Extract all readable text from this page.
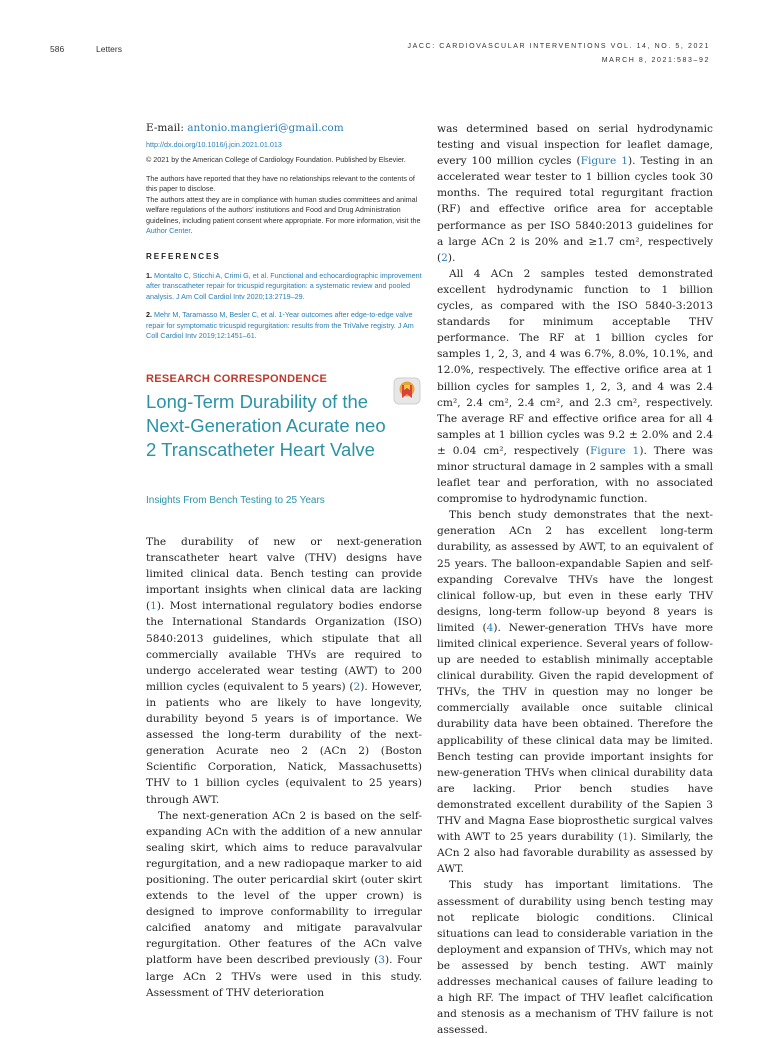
586	Letters	JACC: CARDIOVASCULAR INTERVENTIONS VOL. 14, NO. 5, 2021
MARCH 8, 2021:583–92
E-mail: antonio.mangieri@gmail.com
http://dx.doi.org/10.1016/j.jcin.2021.01.013
© 2021 by the American College of Cardiology Foundation. Published by Elsevier.
The authors have reported that they have no relationships relevant to the contents of this paper to disclose.
The authors attest they are in compliance with human studies committees and animal welfare regulations of the authors' institutions and Food and Drug Administration guidelines, including patient consent where appropriate. For more information, visit the Author Center.
REFERENCES
1. Montalto C, Sticchi A, Crimi G, et al. Functional and echocardiographic improvement after transcatheter repair for tricuspid regurgitation: a systematic review and pooled analysis. J Am Coll Cardiol Intv 2020;13:2719–29.
2. Mehr M, Taramasso M, Besler C, et al. 1-Year outcomes after edge-to-edge valve repair for symptomatic tricuspid regurgitation: results from the TriValve registry. J Am Coll Cardiol Intv 2019;12:1451–61.
RESEARCH CORRESPONDENCE
Long-Term Durability of the Next-Generation Acurate neo 2 Transcatheter Heart Valve
Insights From Bench Testing to 25 Years

The durability of new or next-generation transcatheter heart valve (THV) designs have limited clinical data. Bench testing can provide important insights when clinical data are lacking (1). Most international regulatory bodies endorse the International Standards Organization (ISO) 5840:2013 guidelines, which stipulate that all commercially available THVs are required to undergo accelerated wear testing (AWT) to 200 million cycles (equivalent to 5 years) (2). However, in patients who are likely to have longevity, durability beyond 5 years is of importance. We assessed the long-term durability of the next-generation Acurate neo 2 (ACn 2) (Boston Scientific Corporation, Natick, Massachusetts) THV to 1 billion cycles (equivalent to 25 years) through AWT.

The next-generation ACn 2 is based on the self-expanding ACn with the addition of a new annular sealing skirt, which aims to reduce paravalvular regurgitation, and a new radiopaque marker to aid positioning. The outer pericardial skirt (outer skirt extends to the level of the upper crown) is designed to improve conformability to irregular calcified anatomy and mitigate paravalvular regurgitation. Other features of the ACn valve platform have been described previously (3). Four large ACn 2 THVs were used in this study. Assessment of THV deterioration

was determined based on serial hydrodynamic testing and visual inspection for leaflet damage, every 100 million cycles (Figure 1). Testing in an accelerated wear tester to 1 billion cycles took 30 months. The required total regurgitant fraction (RF) and effective orifice area for acceptable performance as per ISO 5840:2013 guidelines for a large ACn 2 is 20% and ≥1.7 cm², respectively (2).

All 4 ACn 2 samples tested demonstrated excellent hydrodynamic function to 1 billion cycles, as compared with the ISO 5840-3:2013 standards for minimum acceptable THV performance. The RF at 1 billion cycles for samples 1, 2, 3, and 4 was 6.7%, 8.0%, 10.1%, and 12.0%, respectively. The effective orifice area at 1 billion cycles for samples 1, 2, 3, and 4 was 2.4 cm², 2.4 cm², 2.4 cm², and 2.3 cm², respectively. The average RF and effective orifice area for all 4 samples at 1 billion cycles was 9.2 ± 2.0% and 2.4 ± 0.04 cm², respectively (Figure 1). There was minor structural damage in 2 samples with a small leaflet tear and perforation, with no associated compromise to hydrodynamic function.

This bench study demonstrates that the next-generation ACn 2 has excellent long-term durability, as assessed by AWT, to an equivalent of 25 years. The balloon-expandable Sapien and self-expanding Corevalve THVs have the longest clinical follow-up, but even in these early THV designs, long-term follow-up beyond 8 years is limited (4). Newer-generation THVs have more limited clinical experience. Several years of follow-up are needed to establish minimally acceptable clinical durability. Given the rapid development of THVs, the THV in question may no longer be commercially available once suitable clinical durability data have been obtained. Therefore the applicability of these clinical data may be limited. Bench testing can provide important insights for new-generation THVs when clinical durability data are lacking. Prior bench studies have demonstrated excellent durability of the Sapien 3 THV and Magna Ease bioprosthetic surgical valves with AWT to 25 years durability (1). Similarly, the ACn 2 also had favorable durability as assessed by AWT.

This study has important limitations. The assessment of durability using bench testing may not replicate biologic conditions. Clinical situations can lead to considerable variation in the deployment and expansion of THVs, which may not be assessed by bench testing. AWT mainly addresses mechanical causes of failure leading to a high RF. The impact of THV leaflet calcification and stenosis as a mechanism of THV failure is not assessed.
